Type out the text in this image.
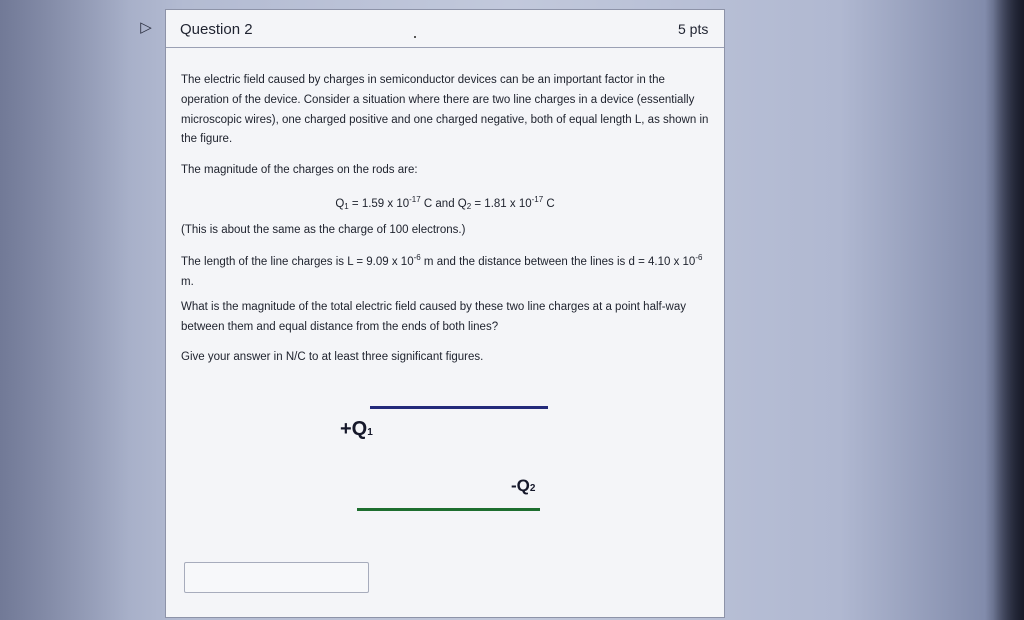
▷ Question 2	5 pts
The electric field caused by charges in semiconductor devices can be an important factor in the operation of the device. Consider a situation where there are two line charges in a device (essentially microscopic wires), one charged positive and one charged negative, both of equal length L, as shown in the figure.
The magnitude of the charges on the rods are:
$Q_1 = 1.59$ x $10^{-17}$ C and $Q_2 = 1.81$ x $10^{-17}$ C
(This is about the same as the charge of 100 electrons.)
The length of the line charges is L = 9.09 x $10^{-6}$ m and the distance between the lines is d = 4.10 x $10^{-6}$ m.
What is the magnitude of the total electric field caused by these two line charges at a point half-way between them and equal distance from the ends of both lines?
Give your answer in N/C to at least three significant figures.
+Q1
-Q2
